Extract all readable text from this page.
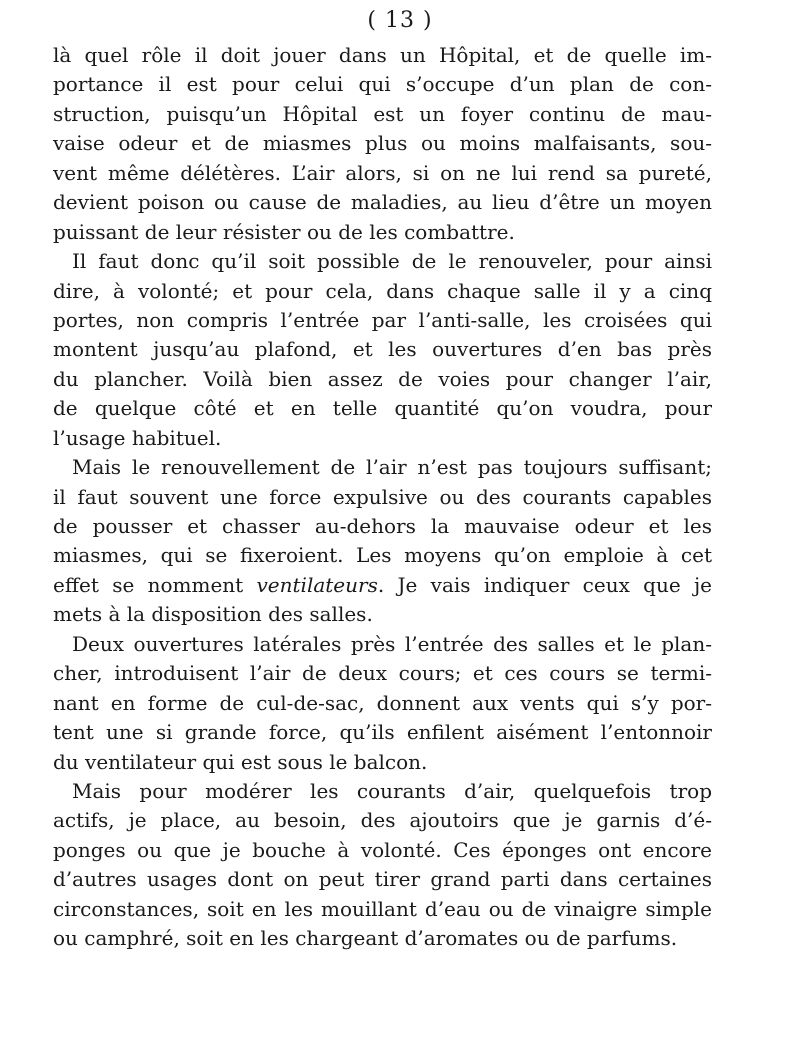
( 13 )
là quel rôle il doit jouer dans un Hôpital, et de quelle im-
portance il est pour celui qui s’occupe d’un plan de con-
struction, puisqu’un Hôpital est un foyer continu de mau-
vaise odeur et de miasmes plus ou moins malfaisants, sou-
vent même délétères. L’air alors, si on ne lui rend sa pureté,
devient poison ou cause de maladies, au lieu d’être un moyen
puissant de leur résister ou de les combattre.
Il faut donc qu’il soit possible de le renouveler, pour ainsi
dire, à volonté; et pour cela, dans chaque salle il y a cinq
portes, non compris l’entrée par l’anti-salle, les croisées qui
montent jusqu’au plafond, et les ouvertures d’en bas près
du plancher. Voilà bien assez de voies pour changer l’air,
de quelque côté et en telle quantité qu’on voudra, pour
l’usage habituel.
Mais le renouvellement de l’air n’est pas toujours suffisant;
il faut souvent une force expulsive ou des courants capables
de pousser et chasser au-dehors la mauvaise odeur et les
miasmes, qui se fixeroient. Les moyens qu’on emploie à cet
effet se nomment ventilateurs. Je vais indiquer ceux que je
mets à la disposition des salles.
Deux ouvertures latérales près l’entrée des salles et le plan-
cher, introduisent l’air de deux cours; et ces cours se termi-
nant en forme de cul-de-sac, donnent aux vents qui s’y por-
tent une si grande force, qu’ils enfilent aisément l’entonnoir
du ventilateur qui est sous le balcon.
Mais pour modérer les courants d’air, quelquefois trop
actifs, je place, au besoin, des ajoutoirs que je garnis d’é-
ponges ou que je bouche à volonté. Ces éponges ont encore
d’autres usages dont on peut tirer grand parti dans certaines
circonstances, soit en les mouillant d’eau ou de vinaigre simple
ou camphré, soit en les chargeant d’aromates ou de parfums.
